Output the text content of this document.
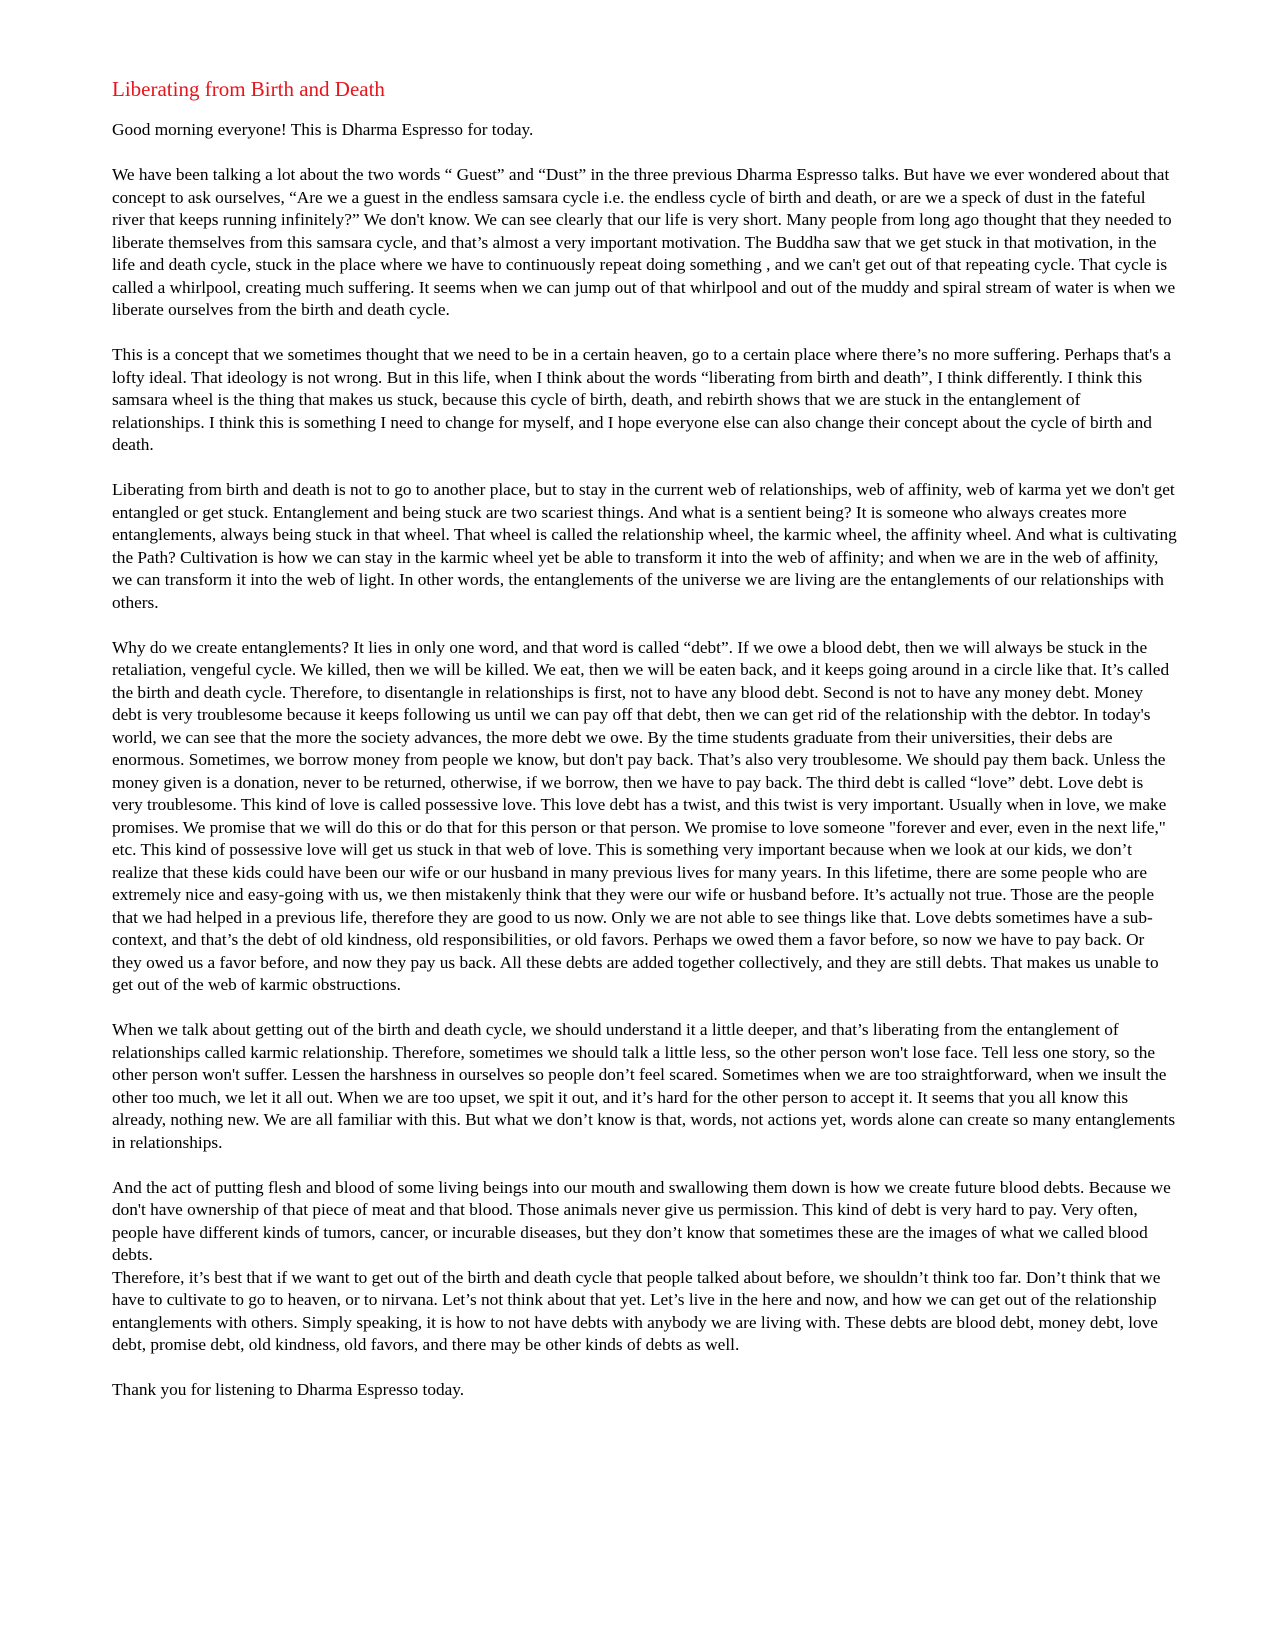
Liberating from Birth and Death

Good morning everyone! This is Dharma Espresso for today.

We have been talking a lot about the two words “ Guest” and “Dust” in the three previous Dharma Espresso talks. But have we ever wondered about that concept to ask ourselves, “Are we a guest in the endless samsara cycle i.e. the endless cycle of birth and death, or are we a speck of dust in the fateful river that keeps running infinitely?” We don't know. We can see clearly that our life is very short. Many people from long ago thought that they needed to liberate themselves from this samsara cycle, and that’s almost a very important motivation. The Buddha saw that we get stuck in that motivation, in the life and death cycle, stuck in the place where we have to continuously repeat doing something , and we can't get out of that repeating cycle. That cycle is called a whirlpool, creating much suffering. It seems when we can jump out of that whirlpool and out of the muddy and spiral stream of water is when we liberate ourselves from the birth and death cycle.

This is a concept that we sometimes thought that we need to be in a certain heaven, go to a certain place where there’s no more suffering. Perhaps that's a lofty ideal. That ideology is not wrong. But in this life, when I think about the words “liberating from birth and death”, I think differently. I think this samsara wheel is the thing that makes us stuck, because this cycle of birth, death, and rebirth shows that we are stuck in the entanglement of relationships. I think this is something I need to change for myself, and I hope everyone else can also change their concept about the cycle of birth and death.

Liberating from birth and death is not to go to another place, but to stay in the current web of relationships, web of affinity, web of karma yet we don't get entangled or get stuck. Entanglement and being stuck are two scariest things. And what is a sentient being? It is someone who always creates more entanglements, always being stuck in that wheel. That wheel is called the relationship wheel, the karmic wheel, the affinity wheel. And what is cultivating the Path? Cultivation is how we can stay in the karmic wheel yet be able to transform it into the web of affinity; and when we are in the web of affinity, we can transform it into the web of light. In other words, the entanglements of the universe we are living are the entanglements of our relationships with others.

Why do we create entanglements? It lies in only one word, and that word is called “debt”. If we owe a blood debt, then we will always be stuck in the retaliation, vengeful cycle. We killed, then we will be killed. We eat, then we will be eaten back, and it keeps going around in a circle like that. It’s called the birth and death cycle. Therefore, to disentangle in relationships is first, not to have any blood debt. Second is not to have any money debt. Money debt is very troublesome because it keeps following us until we can pay off that debt, then we can get rid of the relationship with the debtor. In today's world, we can see that the more the society advances, the more debt we owe. By the time students graduate from their universities, their debs are enormous. Sometimes, we borrow money from people we know, but don't pay back. That’s also very troublesome. We should pay them back. Unless the money given is a donation, never to be returned, otherwise, if we borrow, then we have to pay back. The third debt is called “love” debt. Love debt is very troublesome. This kind of love is called possessive love. This love debt has a twist, and this twist is very important. Usually when in love, we make promises. We promise that we will do this or do that for this person or that person. We promise to love someone "forever and ever, even in the next life," etc. This kind of possessive love will get us stuck in that web of love. This is something very important because when we look at our kids, we don’t realize that these kids could have been our wife or our husband in many previous lives for many years. In this lifetime, there are some people who are extremely nice and easy-going with us, we then mistakenly think that they were our wife or husband before. It’s actually not true. Those are the people that we had helped in a previous life, therefore they are good to us now. Only we are not able to see things like that. Love debts sometimes have a sub-context, and that’s the debt of old kindness, old responsibilities, or old favors. Perhaps we owed them a favor before, so now we have to pay back. Or they owed us a favor before, and now they pay us back. All these debts are added together collectively, and they are still debts. That makes us unable to get out of the web of karmic obstructions.

When we talk about getting out of the birth and death cycle, we should understand it a little deeper, and that’s liberating from the entanglement of relationships called karmic relationship. Therefore, sometimes we should talk a little less, so the other person won't lose face. Tell less one story, so the other person won't suffer. Lessen the harshness in ourselves so people don’t feel scared. Sometimes when we are too straightforward, when we insult the other too much, we let it all out. When we are too upset, we spit it out, and it’s hard for the other person to accept it. It seems that you all know this already, nothing new. We are all familiar with this. But what we don’t know is that, words, not actions yet, words alone can create so many entanglements in relationships.

And the act of putting flesh and blood of some living beings into our mouth and swallowing them down is how we create future blood debts. Because we don't have ownership of that piece of meat and that blood. Those animals never give us permission. This kind of debt is very hard to pay. Very often, people have different kinds of tumors, cancer, or incurable diseases, but they don’t know that sometimes these are the images of what we called blood debts.

Therefore, it’s best that if we want to get out of the birth and death cycle that people talked about before, we shouldn’t think too far. Don’t think that we have to cultivate to go to heaven, or to nirvana. Let’s not think about that yet. Let’s live in the here and now, and how we can get out of the relationship entanglements with others. Simply speaking, it is how to not have debts with anybody we are living with. These debts are blood debt, money debt, love debt, promise debt, old kindness, old favors, and there may be other kinds of debts as well.

Thank you for listening to Dharma Espresso today.
